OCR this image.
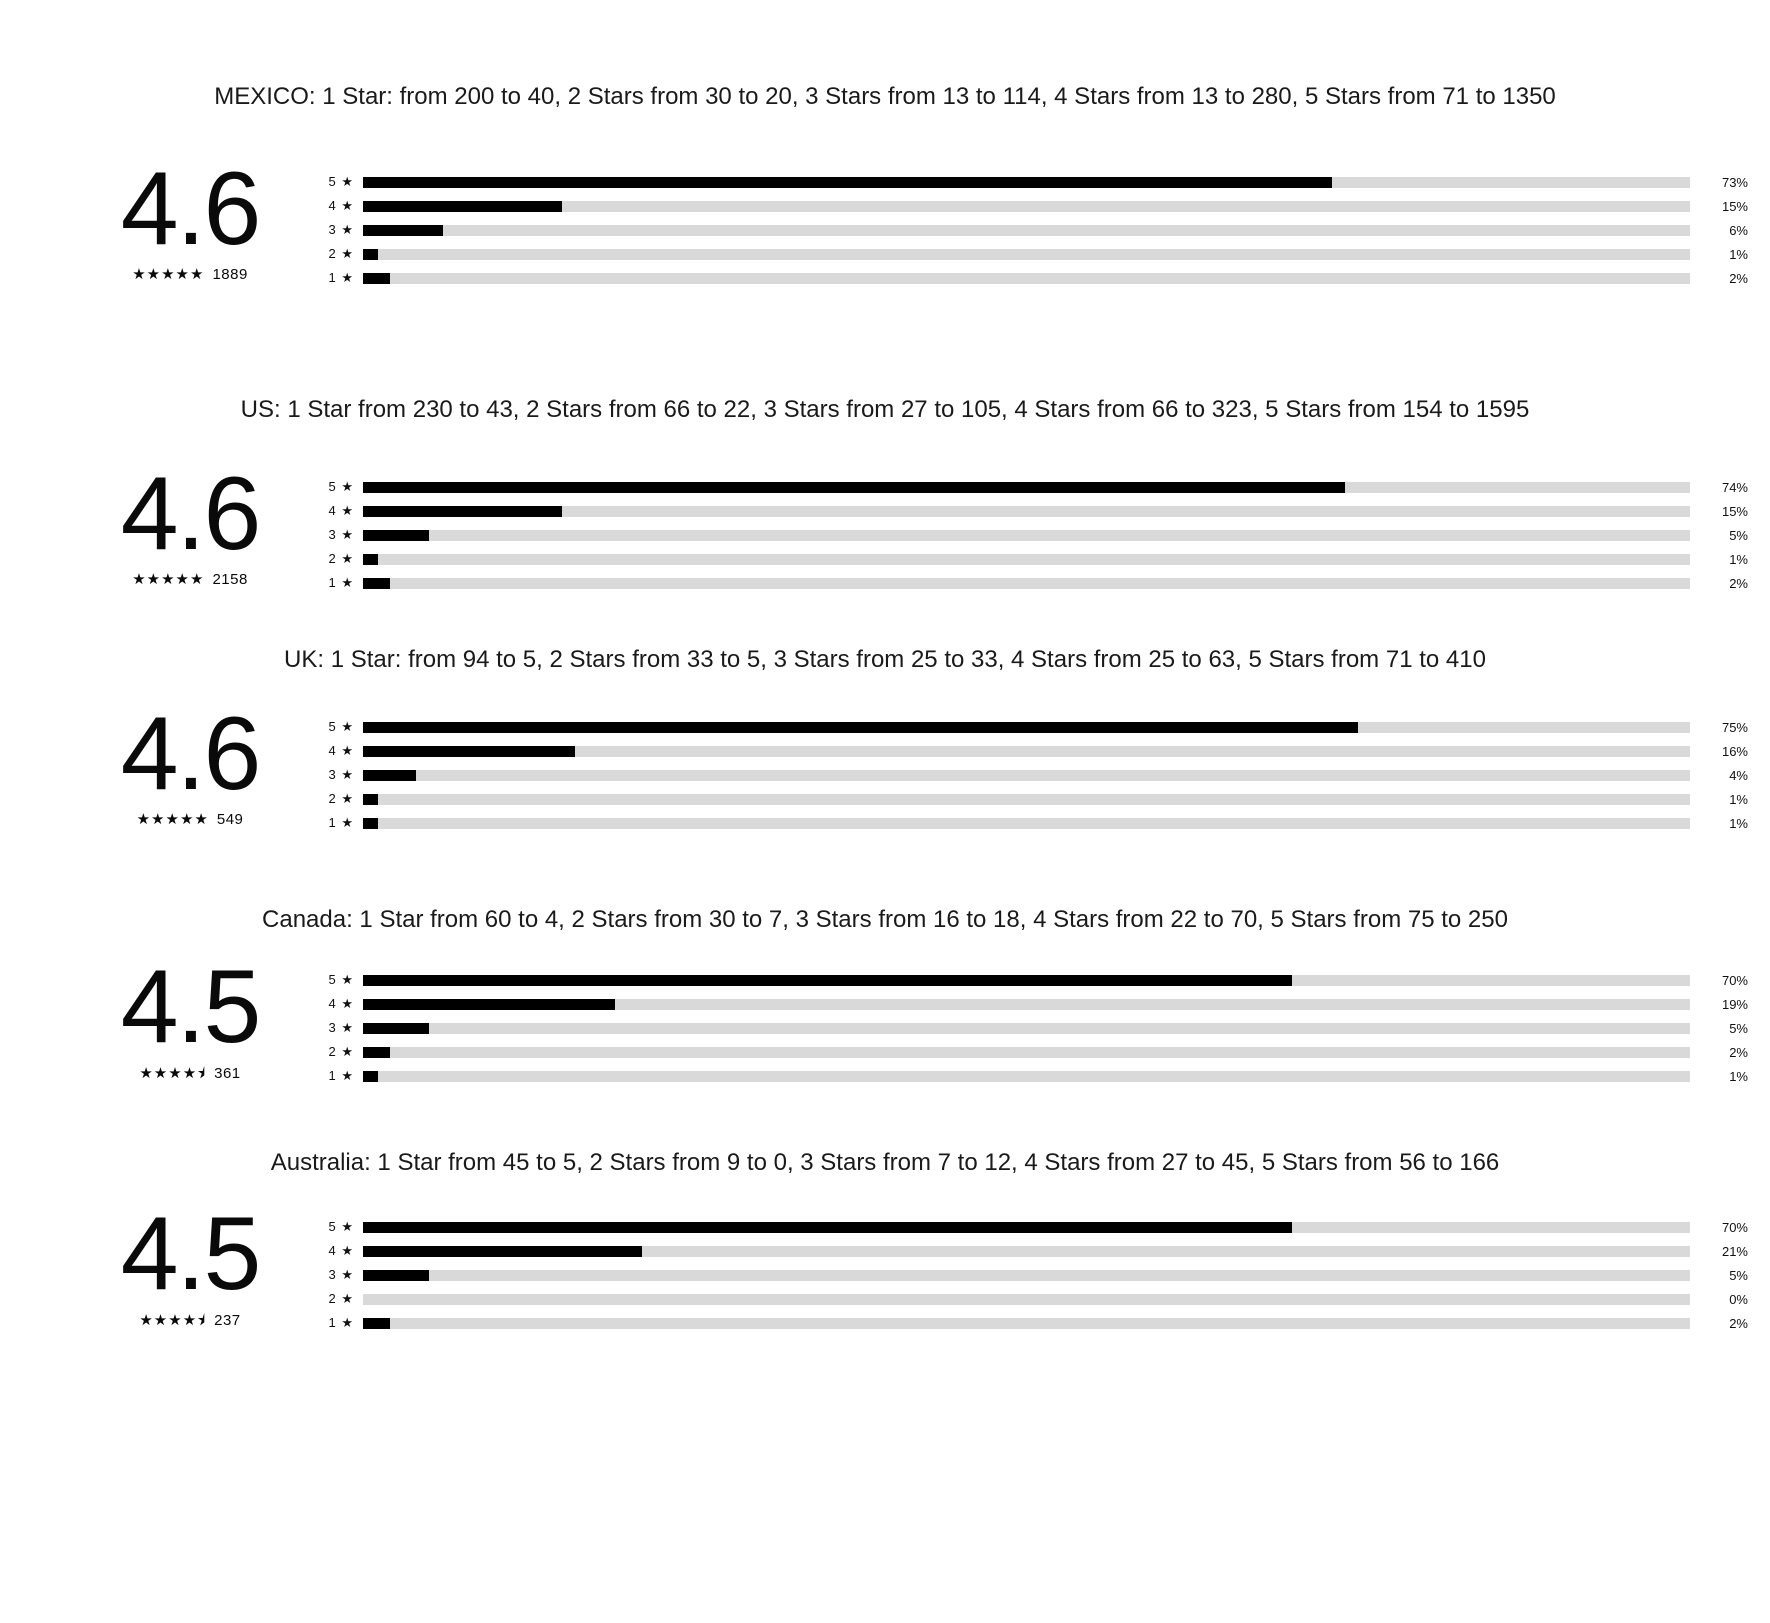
MEXICO: 1 Star: from 200 to 40, 2 Stars from 30 to 20, 3 Stars from 13 to 114, 4 Stars from 13 to 280, 5 Stars from 71 to 1350
4.6
★★★★★ 1889
5 ★	73%
4 ★	15%
3 ★	6%
2 ★	1%
1 ★	2%
US: 1 Star from 230 to 43, 2 Stars from 66 to 22, 3 Stars from 27 to 105, 4 Stars from 66 to 323, 5 Stars from 154 to 1595
4.6
★★★★★ 2158
5 ★	74%
4 ★	15%
3 ★	5%
2 ★	1%
1 ★	2%
UK: 1 Star: from 94 to 5, 2 Stars from 33 to 5, 3 Stars from 25 to 33, 4 Stars from 25 to 63, 5 Stars from 71 to 410
4.6
★★★★★ 549
5 ★	75%
4 ★	16%
3 ★	4%
2 ★	1%
1 ★	1%
Canada: 1 Star from 60 to 4, 2 Stars from 30 to 7, 3 Stars from 16 to 18, 4 Stars from 22 to 70, 5 Stars from 75 to 250
4.5
★★★★⯨ 361
5 ★	70%
4 ★	19%
3 ★	5%
2 ★	2%
1 ★	1%
Australia: 1 Star from 45 to 5, 2 Stars from 9 to 0, 3 Stars from 7 to 12, 4 Stars from 27 to 45, 5 Stars from 56 to 166
4.5
★★★★⯨ 237
5 ★	70%
4 ★	21%
3 ★	5%
2 ★	0%
1 ★	2%
